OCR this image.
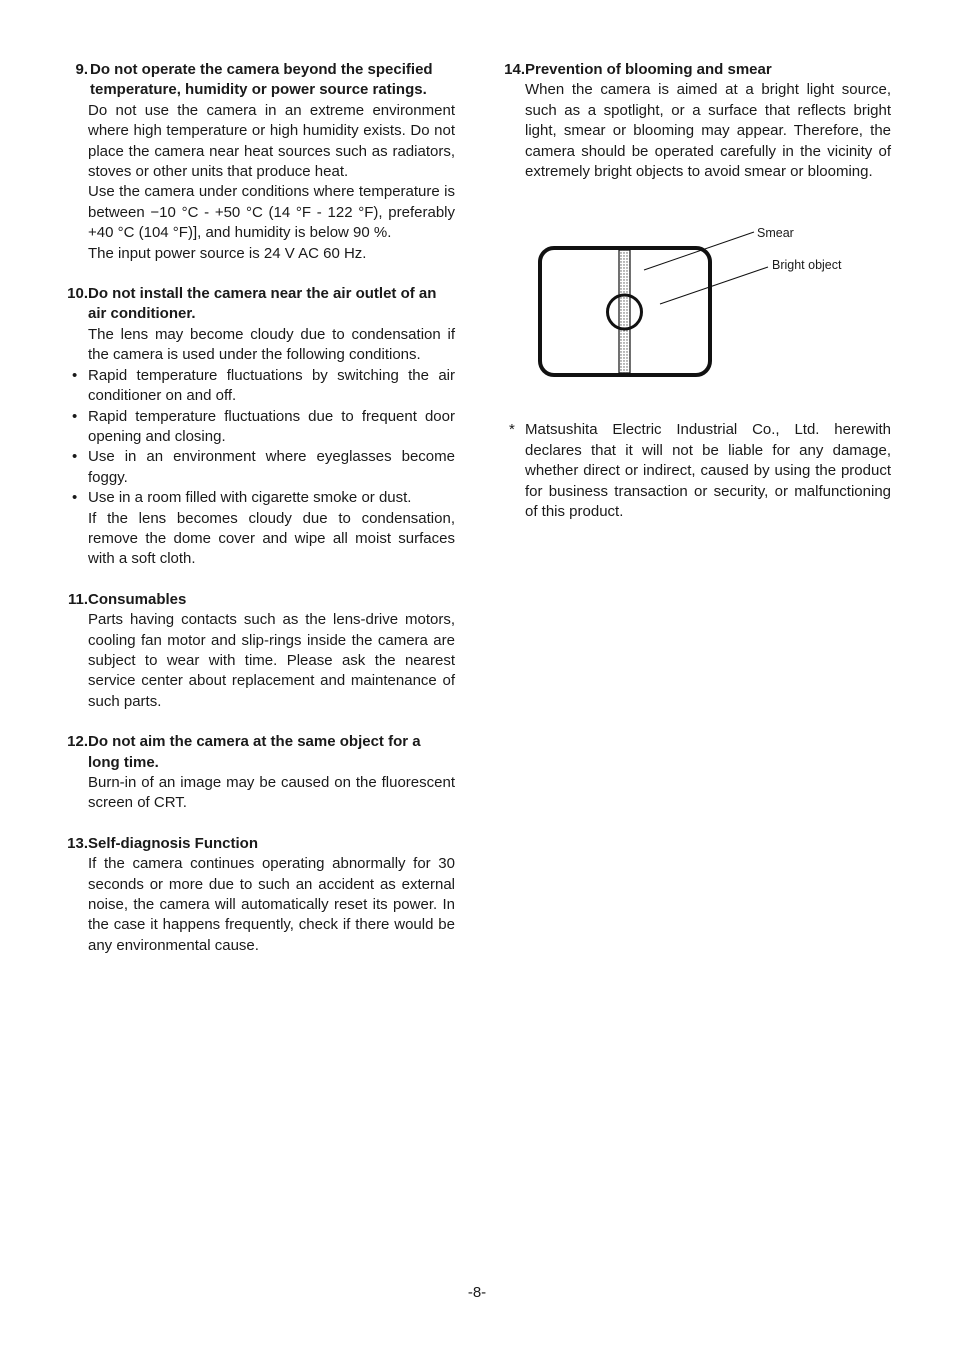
9. Do not operate the camera beyond the specified
temperature, humidity or power source ratings.

Do not use the camera in an extreme environment where high temperature or high humidity exists. Do not place the camera near heat sources such as radiators, stoves or other units that produce heat.

Use the camera under conditions where temperature is between −10 °C - +50 °C (14 °F - 122 °F), preferably +40 °C (104 °F)], and humidity is below 90 %.

The input power source is 24 V AC 60 Hz.

10. Do not install the camera near the air outlet of an
air conditioner.

The lens may become cloudy due to condensation if the camera is used under the following conditions.

• Rapid temperature fluctuations by switching the air conditioner on and off.

• Rapid temperature fluctuations due to frequent door opening and closing.

• Use in an environment where eyeglasses become foggy.

• Use in a room filled with cigarette smoke or dust.

If the lens becomes cloudy due to condensation, remove the dome cover and wipe all moist surfaces with a soft cloth.

11. Consumables

Parts having contacts such as the lens-drive motors, cooling fan motor and slip-rings inside the camera are subject to wear with time. Please ask the nearest service center about replacement and maintenance of such parts.

12. Do not aim the camera at the same object for a
long time.

Burn-in of an image may be caused on the fluorescent screen of CRT.

13. Self-diagnosis Function

If the camera continues operating abnormally for 30 seconds or more due to such an accident as external noise, the camera will automatically reset its power. In the case it happens frequently, check if there would be any environmental cause.

14. Prevention of blooming and smear

When the camera is aimed at a bright light source, such as a spotlight, or a surface that reflects bright light, smear or blooming may appear. Therefore, the camera should be operated carefully in the vicinity of extremely bright objects to avoid smear or blooming.

* Matsushita Electric Industrial Co., Ltd. herewith declares that it will not be liable for any damage, whether direct or indirect, caused by using the product for business transaction or security, or malfunctioning of this product.

Smear
Bright object
-8-
